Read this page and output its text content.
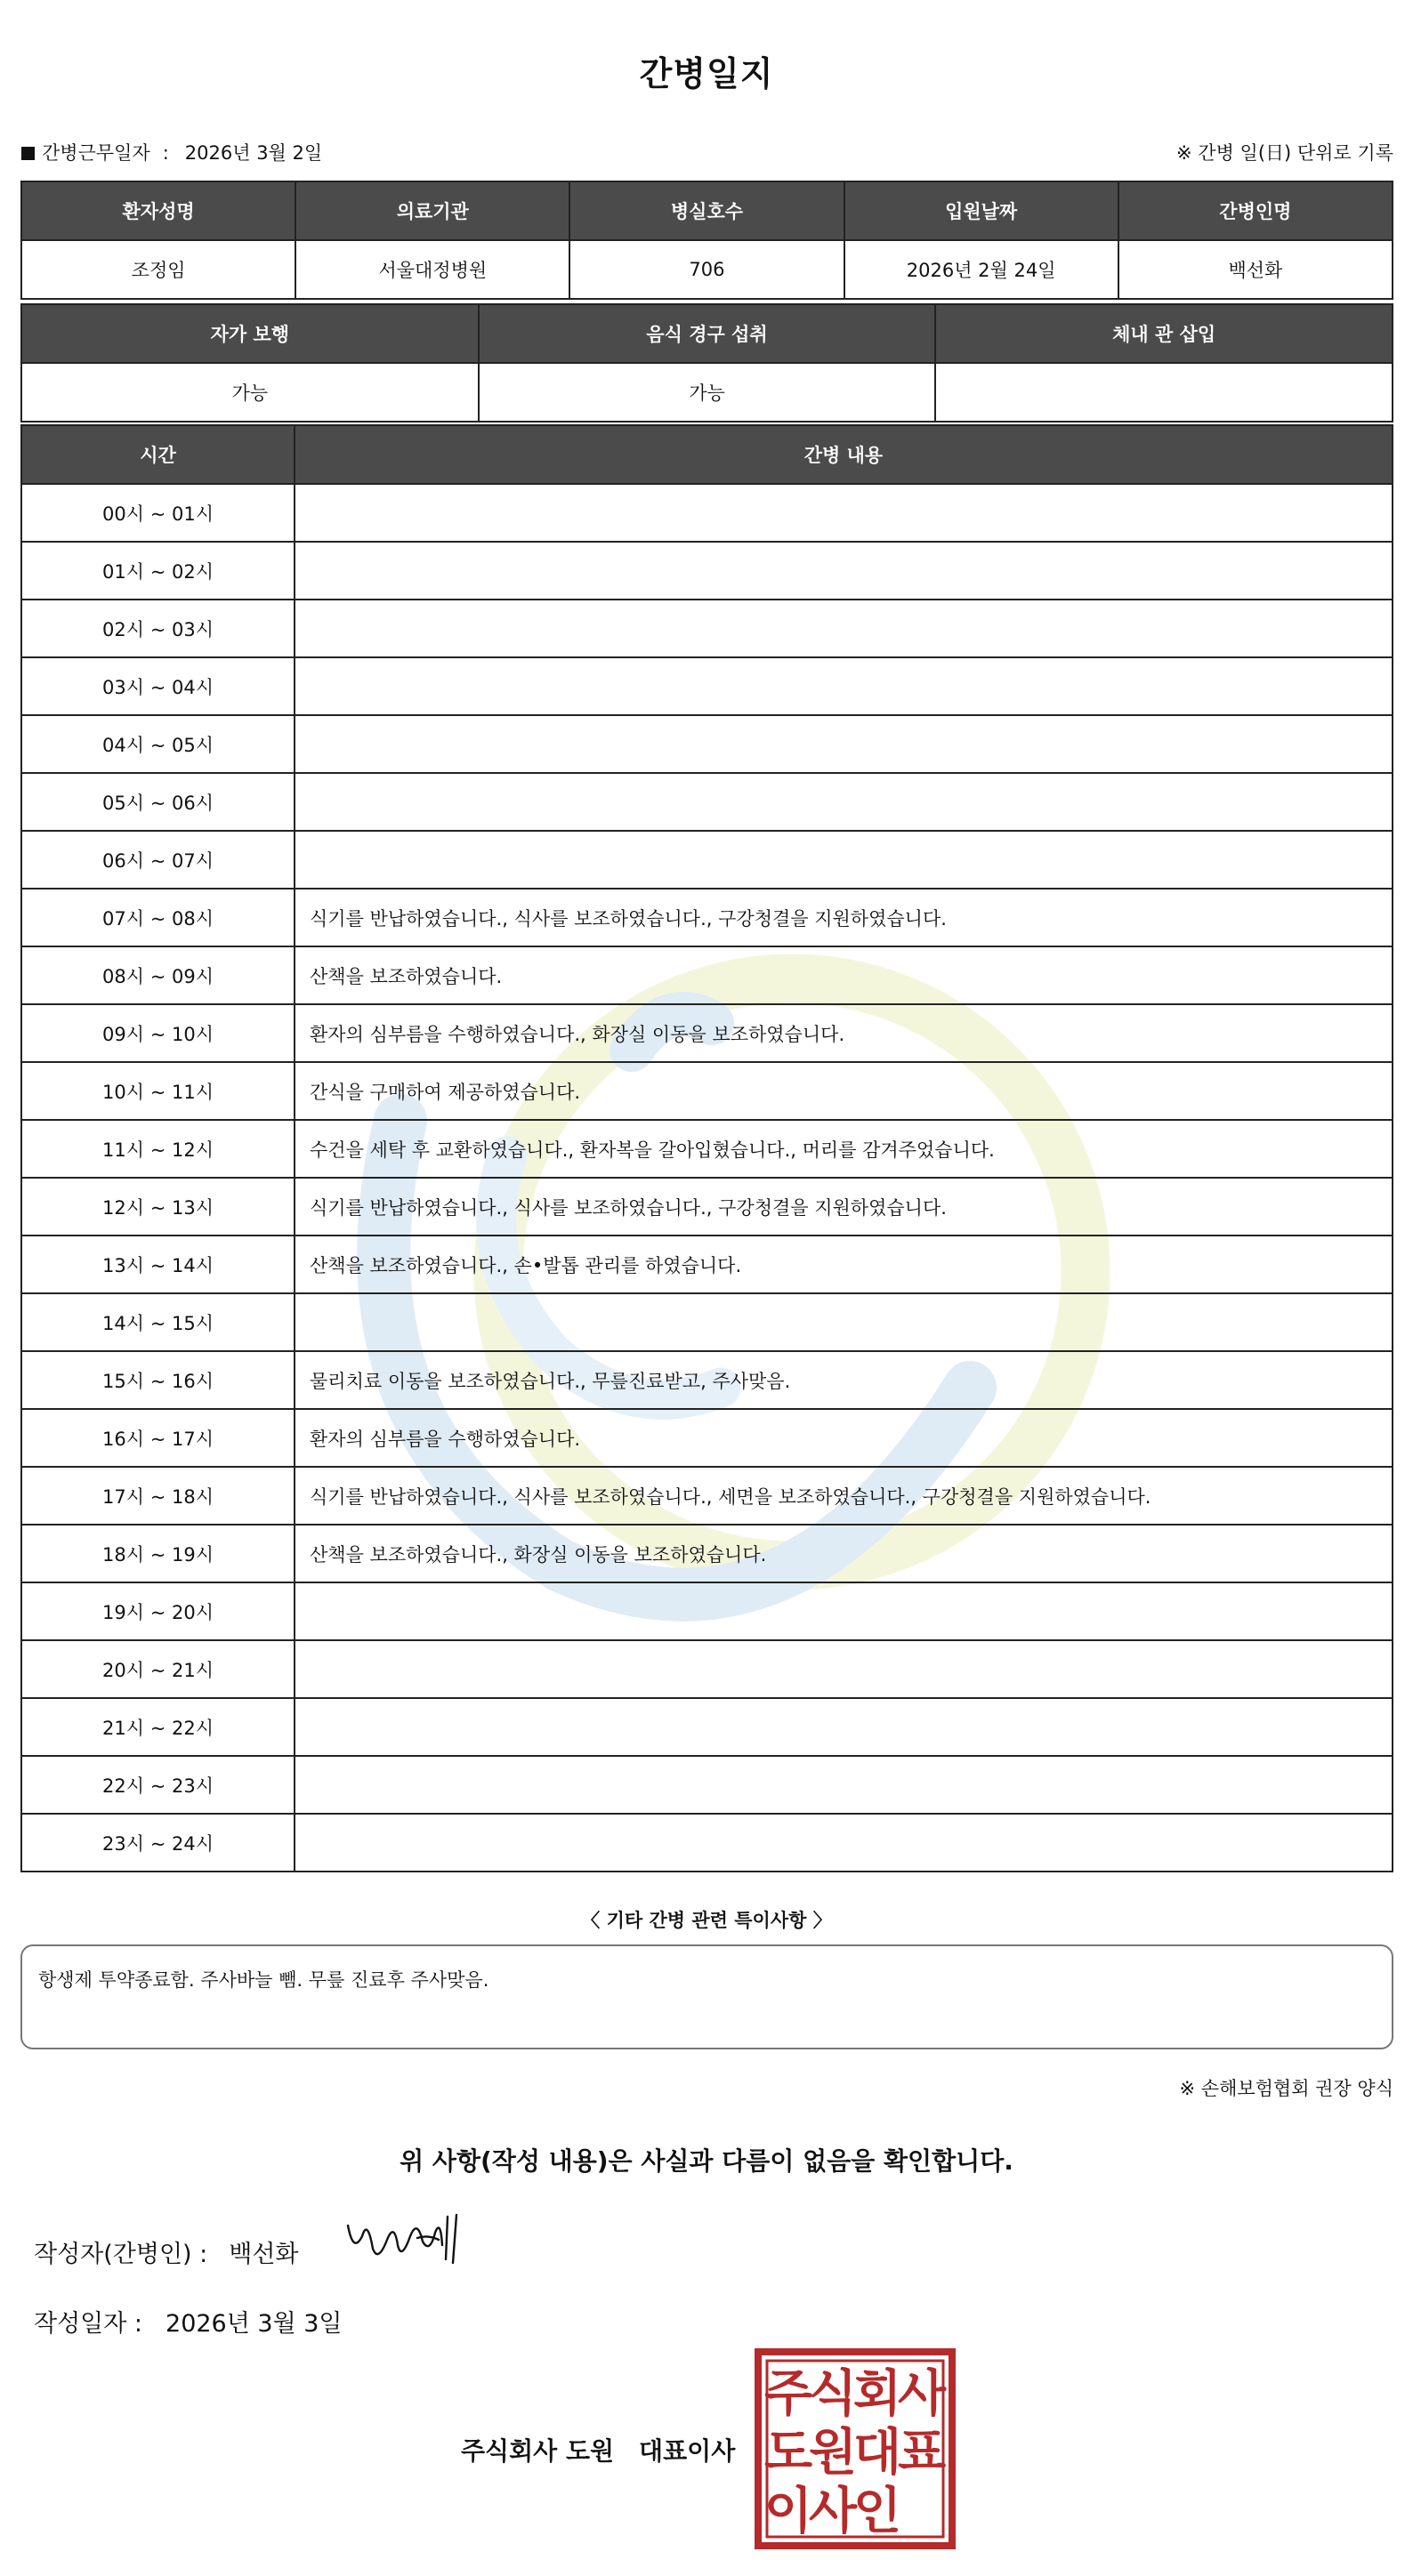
간병일지
간병근무일자 : 2026년 3월 2일	※ 간병 일(日) 단위로 기록
환자성명	의료기관	병실호수	입원날짜	간병인명
조정임	서울대정병원	706	2026년 2월 24일	백선화
자가 보행	음식 경구 섭취	체내 관 삽입
가능	가능	
시간	간병 내용
00시 ~ 01시	
01시 ~ 02시	
02시 ~ 03시	
03시 ~ 04시	
04시 ~ 05시	
05시 ~ 06시	
06시 ~ 07시	
07시 ~ 08시	식기를 반납하였습니다., 식사를 보조하였습니다., 구강청결을 지원하였습니다.
08시 ~ 09시	산책을 보조하였습니다.
09시 ~ 10시	환자의 심부름을 수행하였습니다., 화장실 이동을 보조하였습니다.
10시 ~ 11시	간식을 구매하여 제공하였습니다.
11시 ~ 12시	수건을 세탁 후 교환하였습니다., 환자복을 갈아입혔습니다., 머리를 감겨주었습니다.
12시 ~ 13시	식기를 반납하였습니다., 식사를 보조하였습니다., 구강청결을 지원하였습니다.
13시 ~ 14시	산책을 보조하였습니다., 손•발톱 관리를 하였습니다.
14시 ~ 15시	
15시 ~ 16시	물리치료 이동을 보조하였습니다., 무릎진료받고, 주사맞음.
16시 ~ 17시	환자의 심부름을 수행하였습니다.
17시 ~ 18시	식기를 반납하였습니다., 식사를 보조하였습니다., 세면을 보조하였습니다., 구강청결을 지원하였습니다.
18시 ~ 19시	산책을 보조하였습니다., 화장실 이동을 보조하였습니다.
19시 ~ 20시	
20시 ~ 21시	
21시 ~ 22시	
22시 ~ 23시	
23시 ~ 24시	
〈 기타 간병 관련 특이사항 〉
항생제 투약종료함. 주사바늘 뺌. 무릎 진료후 주사맞음.
※ 손해보험협회 권장 양식
위 사항(작성 내용)은 사실과 다름이 없음을 확인합니다.
작성자(간병인) : 백선화
작성일자 : 2026년 3월 3일
주식회사 도원 대표이사
주
식
회
사
도
원
대
표
이
사
인
